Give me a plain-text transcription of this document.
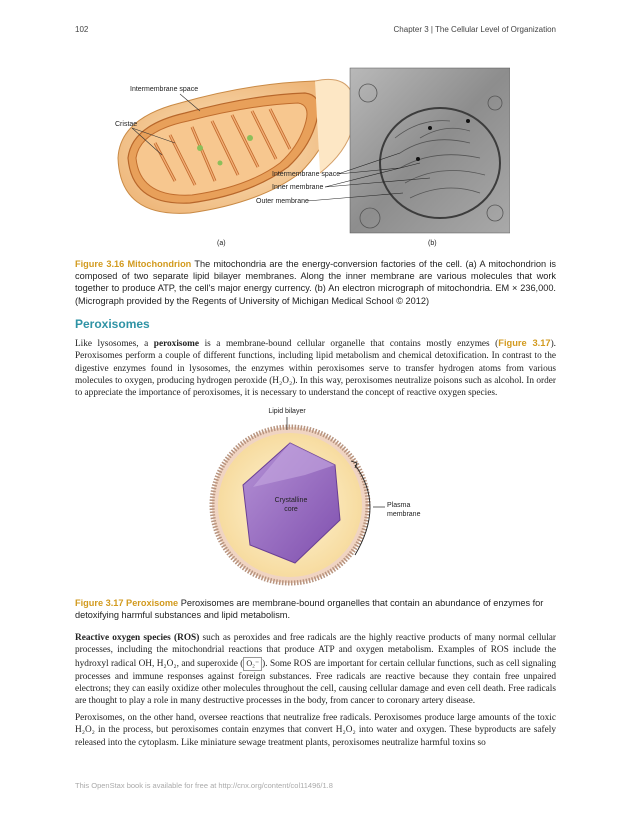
102	Chapter 3 | The Cellular Level of Organization
Intermembrane space
Cristae
Intermembrane space
Inner membrane
Outer membrane
(a)	(b)
Figure 3.16 Mitochondrion The mitochondria are the energy-conversion factories of the cell. (a) A mitochondrion is composed of two separate lipid bilayer membranes. Along the inner membrane are various molecules that work together to produce ATP, the cell's major energy currency. (b) An electron micrograph of mitochondria. EM × 236,000. (Micrograph provided by the Regents of University of Michigan Medical School © 2012)
Peroxisomes
Like lysosomes, a peroxisome is a membrane-bound cellular organelle that contains mostly enzymes (Figure 3.17). Peroxisomes perform a couple of different functions, including lipid metabolism and chemical detoxification. In contrast to the digestive enzymes found in lysosomes, the enzymes within peroxisomes serve to transfer hydrogen atoms from various molecules to oxygen, producing hydrogen peroxide (H₂O₂). In this way, peroxisomes neutralize poisons such as alcohol. In order to appreciate the importance of peroxisomes, it is necessary to understand the concept of reactive oxygen species.
Crystalline
core
Lipid bilayer
Plasma
membrane
Figure 3.17 Peroxisome Peroxisomes are membrane-bound organelles that contain an abundance of enzymes for detoxifying harmful substances and lipid metabolism.
Reactive oxygen species (ROS) such as peroxides and free radicals are the highly reactive products of many normal cellular processes, including the mitochondrial reactions that produce ATP and oxygen metabolism. Examples of ROS include the hydroxyl radical OH, H₂O₂, and superoxide ( O₂⁻ ). Some ROS are important for certain cellular functions, such as cell signaling processes and immune responses against foreign substances. Free radicals are reactive because they contain free unpaired electrons; they can easily oxidize other molecules throughout the cell, causing cellular damage and even cell death. Free radicals are thought to play a role in many destructive processes in the body, from cancer to coronary artery disease.
Peroxisomes, on the other hand, oversee reactions that neutralize free radicals. Peroxisomes produce large amounts of the toxic H₂O₂ in the process, but peroxisomes contain enzymes that convert H₂O₂ into water and oxygen. These byproducts are safely released into the cytoplasm. Like miniature sewage treatment plants, peroxisomes neutralize harmful toxins so
This OpenStax book is available for free at http://cnx.org/content/col11496/1.8
